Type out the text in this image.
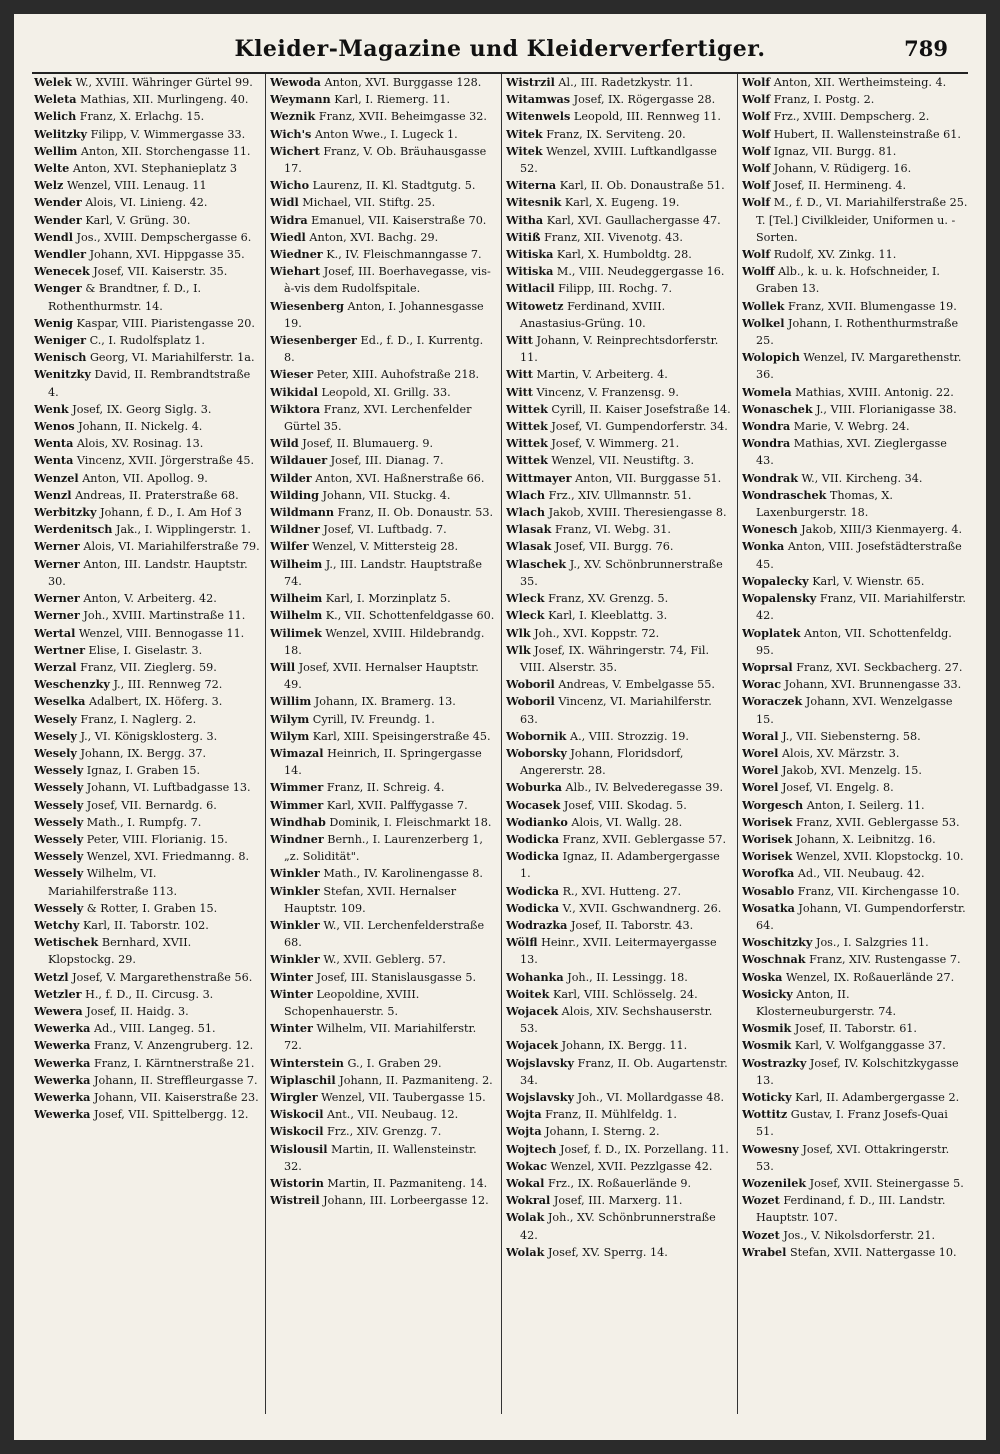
Kleider-Magazine und Kleiderverfertiger.	789
Welek W., XVIII. Währinger Gürtel 99.
Weleta Mathias, XII. Murlingeng. 40.
Welich Franz, X. Erlachg. 15.
Welitzky Filipp, V. Wimmergasse 33.
Wellim Anton, XII. Storchengasse 11.
Welte Anton, XVI. Stephanieplatz 3
Welz Wenzel, VIII. Lenaug. 11
Wender Alois, VI. Linieng. 42.
Wender Karl, V. Grüng. 30.
Wendl Jos., XVIII. Dempschergasse 6.
Wendler Johann, XVI. Hippgasse 35.
Wenecek Josef, VII. Kaiserstr. 35.
Wenger & Brandtner, f. D., I. Rothenthurmstr. 14.
Wenig Kaspar, VIII. Piaristengasse 20.
Weniger C., I. Rudolfsplatz 1.
Wenisch Georg, VI. Mariahilferstr. 1a.
Wenitzky David, II. Rembrandtstraße 4.
Wenk Josef, IX. Georg Siglg. 3.
Wenos Johann, II. Nickelg. 4.
Wenta Alois, XV. Rosinag. 13.
Wenta Vincenz, XVII. Jörgerstraße 45.
Wenzel Anton, VII. Apollog. 9.
Wenzl Andreas, II. Praterstraße 68.
Werbitzky Johann, f. D., I. Am Hof 3
Werdenitsch Jak., I. Wipplingerstr. 1.
Werner Alois, VI. Mariahilferstraße 79.
Werner Anton, III. Landstr. Hauptstr. 30.
Werner Anton, V. Arbeiterg. 42.
Werner Joh., XVIII. Martinstraße 11.
Wertal Wenzel, VIII. Bennogasse 11.
Wertner Elise, I. Giselastr. 3.
Werzal Franz, VII. Zieglerg. 59.
Weschenzky J., III. Rennweg 72.
Weselka Adalbert, IX. Höferg. 3.
Wesely Franz, I. Naglerg. 2.
Wesely J., VI. Königsklosterg. 3.
Wesely Johann, IX. Bergg. 37.
Wessely Ignaz, I. Graben 15.
Wessely Johann, VI. Luftbadgasse 13.
Wessely Josef, VII. Bernardg. 6.
Wessely Math., I. Rumpfg. 7.
Wessely Peter, VIII. Florianig. 15.
Wessely Wenzel, XVI. Friedmanng. 8.
Wessely Wilhelm, VI. Mariahilferstraße 113.
Wessely & Rotter, I. Graben 15.
Wetchy Karl, II. Taborstr. 102.
Wetischek Bernhard, XVII. Klopstockg. 29.
Wetzl Josef, V. Margarethenstraße 56.
Wetzler H., f. D., II. Circusg. 3.
Wewera Josef, II. Haidg. 3.
Wewerka Ad., VIII. Langeg. 51.
Wewerka Franz, V. Anzengruberg. 12.
Wewerka Franz, I. Kärntnerstraße 21.
Wewerka Johann, II. Streffleurgasse 7.
Wewerka Johann, VII. Kaiserstraße 23.
Wewerka Josef, VII. Spittelbergg. 12.
Wewoda Anton, XVI. Burggasse 128.
Weymann Karl, I. Riemerg. 11.
Weznik Franz, XVII. Beheimgasse 32.
Wich's Anton Wwe., I. Lugeck 1.
Wichert Franz, V. Ob. Bräuhausgasse 17.
Wicho Laurenz, II. Kl. Stadtgutg. 5.
Widl Michael, VII. Stiftg. 25.
Widra Emanuel, VII. Kaiserstraße 70.
Wiedl Anton, XVI. Bachg. 29.
Wiedner K., IV. Fleischmanngasse 7.
Wiehart Josef, III. Boerhavegasse, vis-à-vis dem Rudolfspitale.
Wiesenberg Anton, I. Johannesgasse 19.
Wiesenberger Ed., f. D., I. Kurrentg. 8.
Wieser Peter, XIII. Auhofstraße 218.
Wikidal Leopold, XI. Grillg. 33.
Wiktora Franz, XVI. Lerchenfelder Gürtel 35.
Wild Josef, II. Blumauerg. 9.
Wildauer Josef, III. Dianag. 7.
Wilder Anton, XVI. Haßnerstraße 66.
Wilding Johann, VII. Stuckg. 4.
Wildmann Franz, II. Ob. Donaustr. 53.
Wildner Josef, VI. Luftbadg. 7.
Wilfer Wenzel, V. Mittersteig 28.
Wilheim J., III. Landstr. Hauptstraße 74.
Wilheim Karl, I. Morzinplatz 5.
Wilhelm K., VII. Schottenfeldgasse 60.
Wilimek Wenzel, XVIII. Hildebrandg. 18.
Will Josef, XVII. Hernalser Hauptstr. 49.
Willim Johann, IX. Bramerg. 13.
Wilym Cyrill, IV. Freundg. 1.
Wilym Karl, XIII. Speisingerstraße 45.
Wimazal Heinrich, II. Springergasse 14.
Wimmer Franz, II. Schreig. 4.
Wimmer Karl, XVII. Palffygasse 7.
Windhab Dominik, I. Fleischmarkt 18.
Windner Bernh., I. Laurenzerberg 1, „z. Solidität".
Winkler Math., IV. Karolinengasse 8.
Winkler Stefan, XVII. Hernalser Hauptstr. 109.
Winkler W., VII. Lerchenfelderstraße 68.
Winkler W., XVII. Geblerg. 57.
Winter Josef, III. Stanislausgasse 5.
Winter Leopoldine, XVIII. Schopenhauerstr. 5.
Winter Wilhelm, VII. Mariahilferstr. 72.
Winterstein G., I. Graben 29.
Wiplaschil Johann, II. Pazmaniteng. 2.
Wirgler Wenzel, VII. Taubergasse 15.
Wiskocil Ant., VII. Neubaug. 12.
Wiskocil Frz., XIV. Grenzg. 7.
Wislousil Martin, II. Wallensteinstr. 32.
Wistorin Martin, II. Pazmaniteng. 14.
Wistreil Johann, III. Lorbeergasse 12.
Wistrzil Al., III. Radetzkystr. 11.
Witamwas Josef, IX. Rögergasse 28.
Witenwels Leopold, III. Rennweg 11.
Witek Franz, IX. Serviteng. 20.
Witek Wenzel, XVIII. Luftkandlgasse 52.
Witerna Karl, II. Ob. Donaustraße 51.
Witesnik Karl, X. Eugeng. 19.
Witha Karl, XVI. Gaullachergasse 47.
Witiß Franz, XII. Vivenotg. 43.
Witiska Karl, X. Humboldtg. 28.
Witiska M., VIII. Neudeggergasse 16.
Witlacil Filipp, III. Rochg. 7.
Witowetz Ferdinand, XVIII. Anastasius-Grüng. 10.
Witt Johann, V. Reinprechtsdorferstr. 11.
Witt Martin, V. Arbeiterg. 4.
Witt Vincenz, V. Franzensg. 9.
Wittek Cyrill, II. Kaiser Josefstraße 14.
Wittek Josef, VI. Gumpendorferstr. 34.
Wittek Josef, V. Wimmerg. 21.
Wittek Wenzel, VII. Neustiftg. 3.
Wittmayer Anton, VII. Burggasse 51.
Wlach Frz., XIV. Ullmannstr. 51.
Wlach Jakob, XVIII. Theresiengasse 8.
Wlasak Franz, VI. Webg. 31.
Wlasak Josef, VII. Burgg. 76.
Wlaschek J., XV. Schönbrunnerstraße 35.
Wleck Franz, XV. Grenzg. 5.
Wleck Karl, I. Kleeblattg. 3.
Wlk Joh., XVI. Koppstr. 72.
Wlk Josef, IX. Währingerstr. 74, Fil. VIII. Alserstr. 35.
Woboril Andreas, V. Embelgasse 55.
Woboril Vincenz, VI. Mariahilferstr. 63.
Wobornik A., VIII. Strozzig. 19.
Woborsky Johann, Floridsdorf, Angererstr. 28.
Woburka Alb., IV. Belvederegasse 39.
Wocasek Josef, VIII. Skodag. 5.
Wodianko Alois, VI. Wallg. 28.
Wodicka Franz, XVII. Geblergasse 57.
Wodicka Ignaz, II. Adambergergasse 1.
Wodicka R., XVI. Hutteng. 27.
Wodicka V., XVII. Gschwandnerg. 26.
Wodrazka Josef, II. Taborstr. 43.
Wölfl Heinr., XVII. Leitermayergasse 13.
Wohanka Joh., II. Lessingg. 18.
Woitek Karl, VIII. Schlösselg. 24.
Wojacek Alois, XIV. Sechshauserstr. 53.
Wojacek Johann, IX. Bergg. 11.
Wojslavsky Franz, II. Ob. Augartenstr. 34.
Wojslavsky Joh., VI. Mollardgasse 48.
Wojta Franz, II. Mühlfeldg. 1.
Wojta Johann, I. Sterng. 2.
Wojtech Josef, f. D., IX. Porzellang. 11.
Wokac Wenzel, XVII. Pezzlgasse 42.
Wokal Frz., IX. Roßauerlände 9.
Wokral Josef, III. Marxerg. 11.
Wolak Joh., XV. Schönbrunnerstraße 42.
Wolak Josef, XV. Sperrg. 14.
Wolf Anton, XII. Wertheimsteing. 4.
Wolf Franz, I. Postg. 2.
Wolf Frz., XVIII. Dempscherg. 2.
Wolf Hubert, II. Wallensteinstraße 61.
Wolf Ignaz, VII. Burgg. 81.
Wolf Johann, V. Rüdigerg. 16.
Wolf Josef, II. Hermineng. 4.
Wolf M., f. D., VI. Mariahilferstraße 25. T. [Tel.] Civilkleider, Uniformen u. -Sorten.
Wolf Rudolf, XV. Zinkg. 11.
Wolff Alb., k. u. k. Hofschneider, I. Graben 13.
Wollek Franz, XVII. Blumengasse 19.
Wolkel Johann, I. Rothenthurmstraße 25.
Wolopich Wenzel, IV. Margarethenstr. 36.
Womela Mathias, XVIII. Antonig. 22.
Wonaschek J., VIII. Florianigasse 38.
Wondra Marie, V. Webrg. 24.
Wondra Mathias, XVI. Zieglergasse 43.
Wondrak W., VII. Kircheng. 34.
Wondraschek Thomas, X. Laxenburgerstr. 18.
Wonesch Jakob, XIII/3 Kienmayerg. 4.
Wonka Anton, VIII. Josefstädterstraße 45.
Wopalecky Karl, V. Wienstr. 65.
Wopalensky Franz, VII. Mariahilferstr. 42.
Woplatek Anton, VII. Schottenfeldg. 95.
Woprsal Franz, XVI. Seckbacherg. 27.
Worac Johann, XVI. Brunnengasse 33.
Woraczek Johann, XVI. Wenzelgasse 15.
Woral J., VII. Siebensterng. 58.
Worel Alois, XV. Märzstr. 3.
Worel Jakob, XVI. Menzelg. 15.
Worel Josef, VI. Engelg. 8.
Worgesch Anton, I. Seilerg. 11.
Worisek Franz, XVII. Geblergasse 53.
Worisek Johann, X. Leibnitzg. 16.
Worisek Wenzel, XVII. Klopstockg. 10.
Worofka Ad., VII. Neubaug. 42.
Wosablo Franz, VII. Kirchengasse 10.
Wosatka Johann, VI. Gumpendorferstr. 64.
Woschitzky Jos., I. Salzgries 11.
Woschnak Franz, XIV. Rustengasse 7.
Woska Wenzel, IX. Roßauerlände 27.
Wosicky Anton, II. Klosterneuburgerstr. 74.
Wosmik Josef, II. Taborstr. 61.
Wosmik Karl, V. Wolfganggasse 37.
Wostrazky Josef, IV. Kolschitzkygasse 13.
Woticky Karl, II. Adambergergasse 2.
Wottitz Gustav, I. Franz Josefs-Quai 51.
Wowesny Josef, XVI. Ottakringerstr. 53.
Wozenilek Josef, XVII. Steinergasse 5.
Wozet Ferdinand, f. D., III. Landstr. Hauptstr. 107.
Wozet Jos., V. Nikolsdorferstr. 21.
Wrabel Stefan, XVII. Nattergasse 10.
